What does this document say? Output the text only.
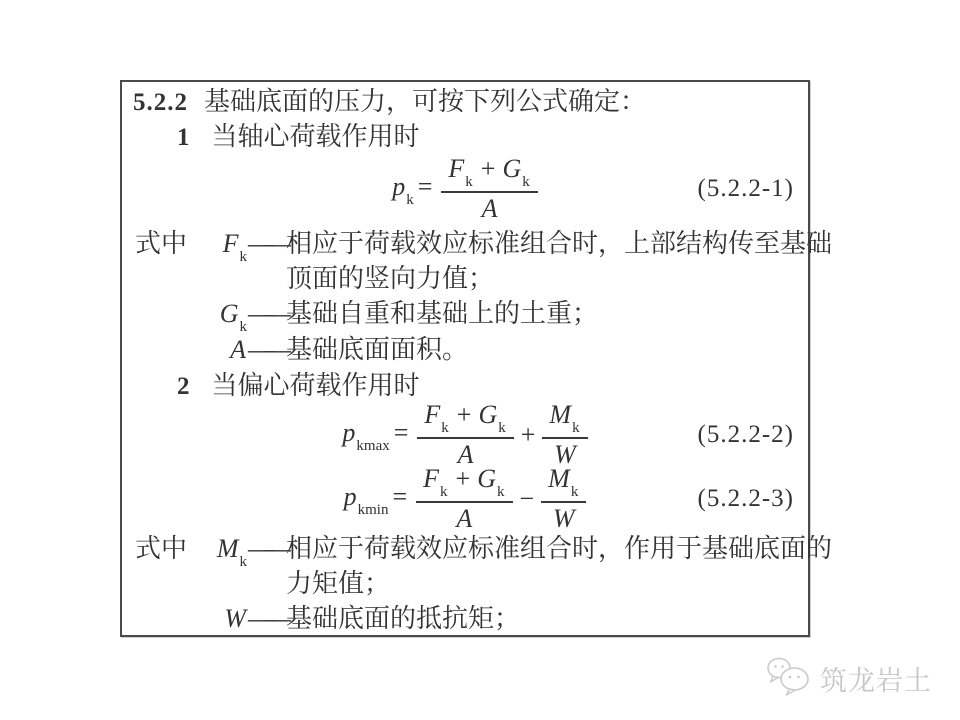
5.2.2 基础底面的压力，可按下列公式确定：
1 当轴心荷载作用时
$p_k = \frac{F_k + G_k}{A}$	(5.2.2-1)
式中	$F_k$ —— 相应于荷载效应标准组合时，上部结构传至基础
顶面的竖向力值；
$G_k$ —— 基础自重和基础上的土重；
A —— 基础底面面积。
2 当偏心荷载作用时
$p_{kmax} = \frac{F_k + G_k}{A} + \frac{M_k}{W}$	(5.2.2-2)
$p_{kmin} = \frac{F_k + G_k}{A} - \frac{M_k}{W}$	(5.2.2-3)
式中	$M_k$ —— 相应于荷载效应标准组合时，作用于基础底面的
力矩值；
W —— 基础底面的抵抗矩；
筑龙岩土
